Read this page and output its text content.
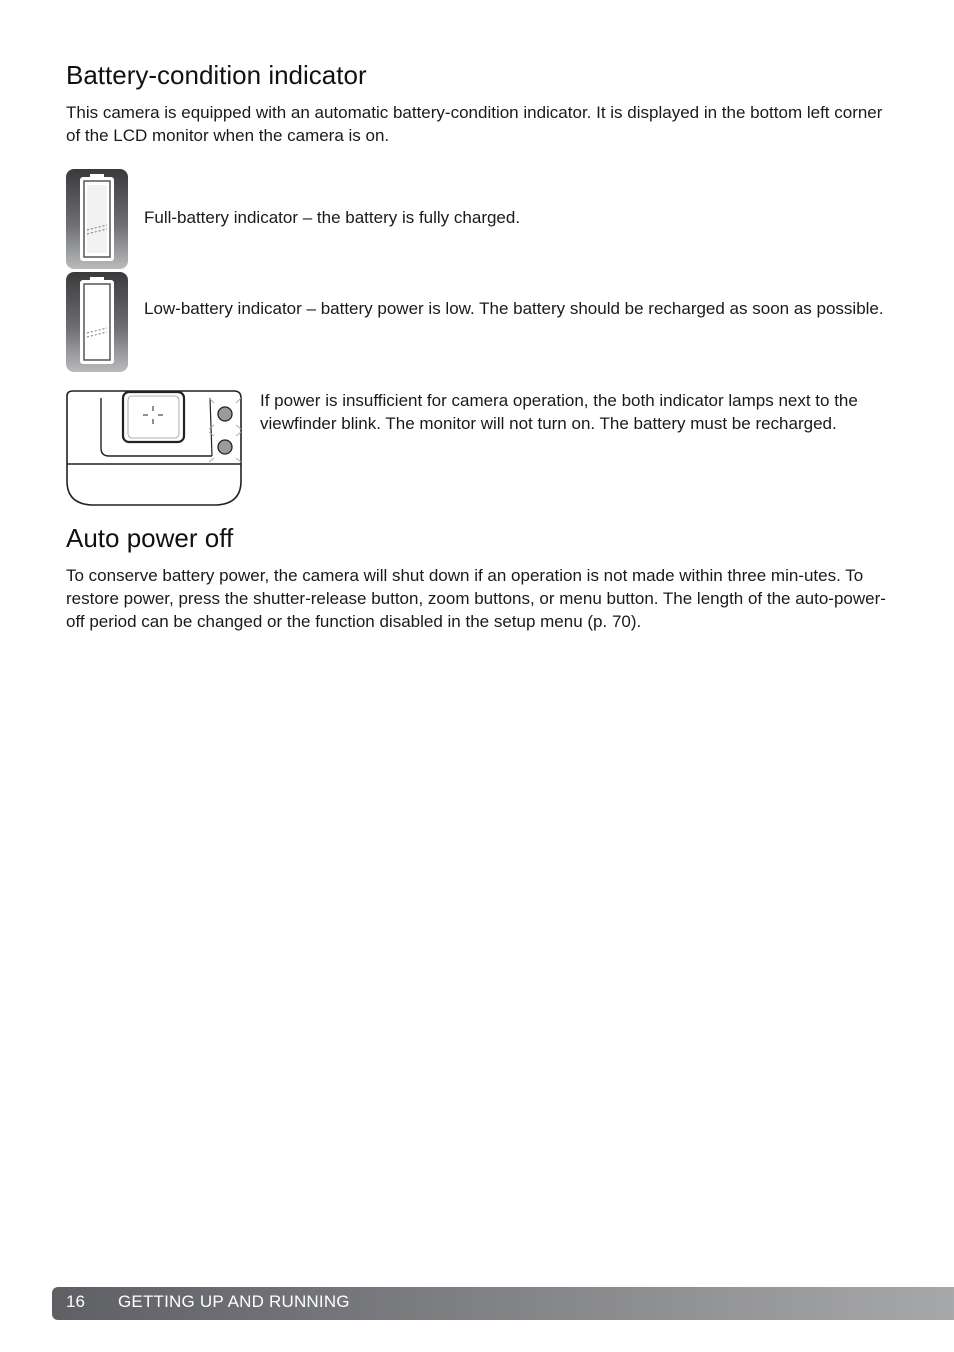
Battery-condition indicator

This camera is equipped with an automatic battery-condition indicator. It is displayed in the bottom left corner of the LCD monitor when the camera is on.

Full-battery indicator – the battery is fully charged.

Low-battery indicator – battery power is low. The battery should be recharged as soon as possible.

If power is insufficient for camera operation, the both indicator lamps next to the viewfinder blink. The monitor will not turn on. The battery must be recharged.

Auto power off

To conserve battery power, the camera will shut down if an operation is not made within three min-utes. To restore power, press the shutter-release button, zoom buttons, or menu button. The length of the auto-power-off period can be changed or the function disabled in the setup menu (p. 70).

16 GETTING UP AND RUNNING
